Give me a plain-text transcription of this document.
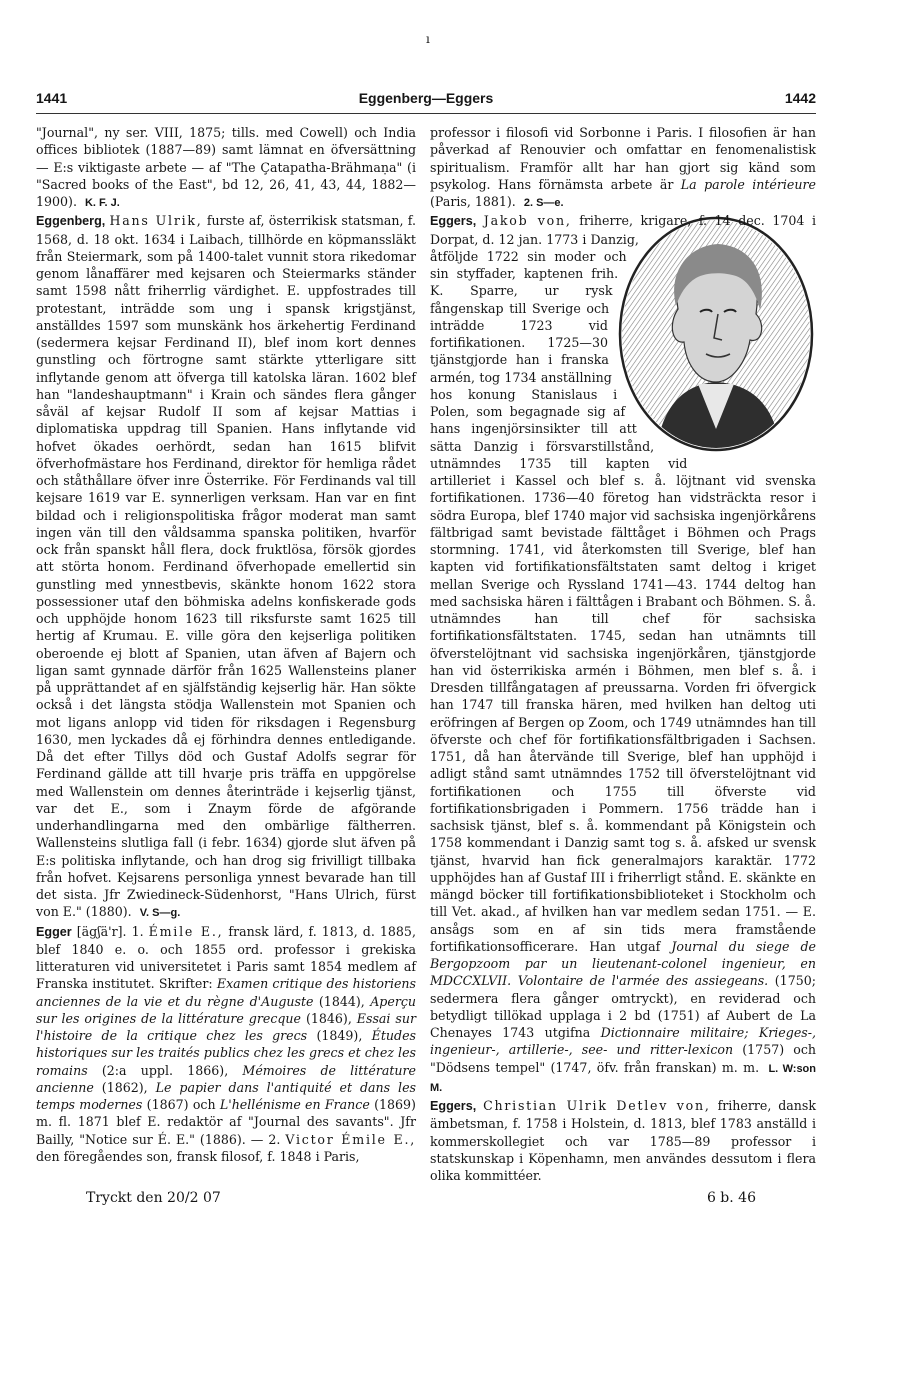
ı
1441	Eggenberg—Eggers	1442

"Journal", ny ser. VIII, 1875; tills. med Cowell) och India offices bibliotek (1887—89) samt lämnat en öfversättning — E:s viktigaste arbete — af "The Çatapatha-Brähmaṇa" (i "Sacred books of the East", bd 12, 26, 41, 43, 44, 1882—1900). K. F. J.

Eggenberg, Hans Ulrik, furste af, österrikisk statsman, f. 1568, d. 18 okt. 1634 i Laibach, tillhörde en köpmanssläkt från Steiermark, som på 1400-talet vunnit stora rikedomar genom lånaffärer med kejsaren och Steiermarks ständer samt 1598 nått friherrlig värdighet. E. uppfostrades till protestant, inträdde som ung i spansk krigstjänst, anställdes 1597 som munskänk hos ärkehertig Ferdinand (sedermera kejsar Ferdinand II), blef inom kort dennes gunstling och förtrogne samt stärkte ytterligare sitt inflytande genom att öfverga till katolska läran. 1602 blef han "landeshauptmann" i Krain och sändes flera gånger såväl af kejsar Rudolf II som af kejsar Mattias i diplomatiska uppdrag till Spanien. Hans inflytande vid hofvet ökades oerhördt, sedan han 1615 blifvit öfverhofmästare hos Ferdinand, direktor för hemliga rådet och ståthållare öfver inre Österrike. För Ferdinands val till kejsare 1619 var E. synnerligen verksam. Han var en fint bildad och i religionspolitiska frågor moderat man samt ingen vän till den våldsamma spanska politiken, hvarför ock från spanskt håll flera, dock fruktlösa, försök gjordes att störta honom. Ferdinand öfverhopade emellertid sin gunstling med ynnestbevis, skänkte honom 1622 stora possessioner utaf den böhmiska adelns konfiskerade gods och upphöjde honom 1623 till riksfurste samt 1625 till hertig af Krumau. E. ville göra den kejserliga politiken oberoende ej blott af Spanien, utan äfven af Bajern och ligan samt gynnade därför från 1625 Wallensteins planer på upprättandet af en själfständig kejserlig här. Han sökte också i det längsta stödja Wallenstein mot Spanien och mot ligans anlopp vid tiden för riksdagen i Regensburg 1630, men lyckades då ej förhindra dennes entledigande. Då det efter Tillys död och Gustaf Adolfs segrar för Ferdinand gällde att till hvarje pris träffa en uppgörelse med Wallenstein om dennes återinträde i kejserlig tjänst, var det E., som i Znaym förde de afgörande underhandlingarna med den ombärlige fältherren. Wallensteins slutliga fall (i febr. 1634) gjorde slut äfven på E:s politiska inflytande, och han drog sig frivilligt tillbaka från hofvet. Kejsarens personliga ynnest bevarade han till det sista. Jfr Zwiedineck-Südenhorst, "Hans Ulrich, fürst von E." (1880). V. S—g.

Egger [ägʃä'r]. 1. Émile E., fransk lärd, f. 1813, d. 1885, blef 1840 e. o. och 1855 ord. professor i grekiska litteraturen vid universitetet i Paris samt 1854 medlem af Franska institutet. Skrifter: Examen critique des historiens anciennes de la vie et du règne d'Auguste (1844), Aperçu sur les origines de la littérature grecque (1846), Essai sur l'histoire de la critique chez les grecs (1849), Études historiques sur les traités publics chez les grecs et chez les romains (2:a uppl. 1866), Mémoires de littérature ancienne (1862), Le papier dans l'antiquité et dans les temps modernes (1867) och L'hellénisme en France (1869) m. fl. 1871 blef E. redaktör af "Journal des savants". Jfr Bailly, "Notice sur É. E." (1886). — 2. Victor Émile E., den föregåendes son, fransk filosof, f. 1848 i Paris,

professor i filosofi vid Sorbonne i Paris. I filosofien är han påverkad af Renouvier och omfattar en fenomenalistisk spiritualism. Framför allt har han gjort sig känd som psykolog. Hans förnämsta arbete är La parole intérieure (Paris, 1881). 2. S—e.

Eggers, Jakob von, friherre, krigare, f. 14 dec. 1704 i Dorpat, d. 12 jan. 1773 i Danzig, åtföljde 1722 sin moder och sin styffader, kaptenen frih. K. Sparre, ur rysk fångenskap till Sverige och inträdde 1723 vid fortifikationen. 1725—30 tjänstgjorde han i franska armén, tog 1734 anställning hos konung Stanislaus i Polen, som begagnade sig af hans ingenjörsinsikter till att sätta Danzig i försvarstillstånd, utnämndes 1735 till kapten vid artilleriet i Kassel och blef s. å. löjtnant vid svenska fortifikationen. 1736—40 företog han vidsträckta resor i södra Europa, blef 1740 major vid sachsiska ingenjörkårens fältbrigad samt bevistade fälttåget i Böhmen och Prags stormning. 1741, vid återkomsten till Sverige, blef han kapten vid fortifikationsfältstaten samt deltog i kriget mellan Sverige och Ryssland 1741—43. 1744 deltog han med sachsiska hären i fälttågen i Brabant och Böhmen. S. å. utnämndes han till chef för sachsiska fortifikationsfältstaten. 1745, sedan han utnämnts till öfverstelöjtnant vid sachsiska ingenjörkåren, tjänstgjorde han vid österrikiska armén i Böhmen, men blef s. å. i Dresden tillfångatagen af preussarna. Vorden fri öfvergick han 1747 till franska hären, med hvilken han deltog uti eröfringen af Bergen op Zoom, och 1749 utnämndes han till öfverste och chef för fortifikationsfältbrigaden i Sachsen. 1751, då han återvände till Sverige, blef han upphöjd i adligt stånd samt utnämndes 1752 till öfverstelöjtnant vid fortifikationen och 1755 till öfverste vid fortifikationsbrigaden i Pommern. 1756 trädde han i sachsisk tjänst, blef s. å. kommendant på Königstein och 1758 kommendant i Danzig samt tog s. å. afsked ur svensk tjänst, hvarvid han fick generalmajors karaktär. 1772 upphöjdes han af Gustaf III i friherrligt stånd. E. skänkte en mängd böcker till fortifikationsbiblioteket i Stockholm och till Vet. akad., af hvilken han var medlem sedan 1751. — E. ansågs som en af sin tids mera framstående fortifikationsofficerare. Han utgaf Journal du siege de Bergopzoom par un lieutenant-colonel ingenieur, en MDCCXLVII. Volontaire de l'armée des assiegeans. (1750; sedermera flera gånger omtryckt), en reviderad och betydligt tillökad upplaga i 2 bd (1751) af Aubert de La Chenayes 1743 utgifna Dictionnaire militaire; Krieges-, ingenieur-, artillerie-, see- und ritter-lexicon (1757) och "Dödsens tempel" (1747, öfv. från franskan) m. m. L. W:son M.

Eggers, Christian Ulrik Detlev von, friherre, dansk ämbetsman, f. 1758 i Holstein, d. 1813, blef 1783 anställd i kommerskollegiet och var 1785—89 professor i statskunskap i Köpenhamn, men användes dessutom i flera olika kommittéer.

Tryckt den 20/2 07	6 b. 46
